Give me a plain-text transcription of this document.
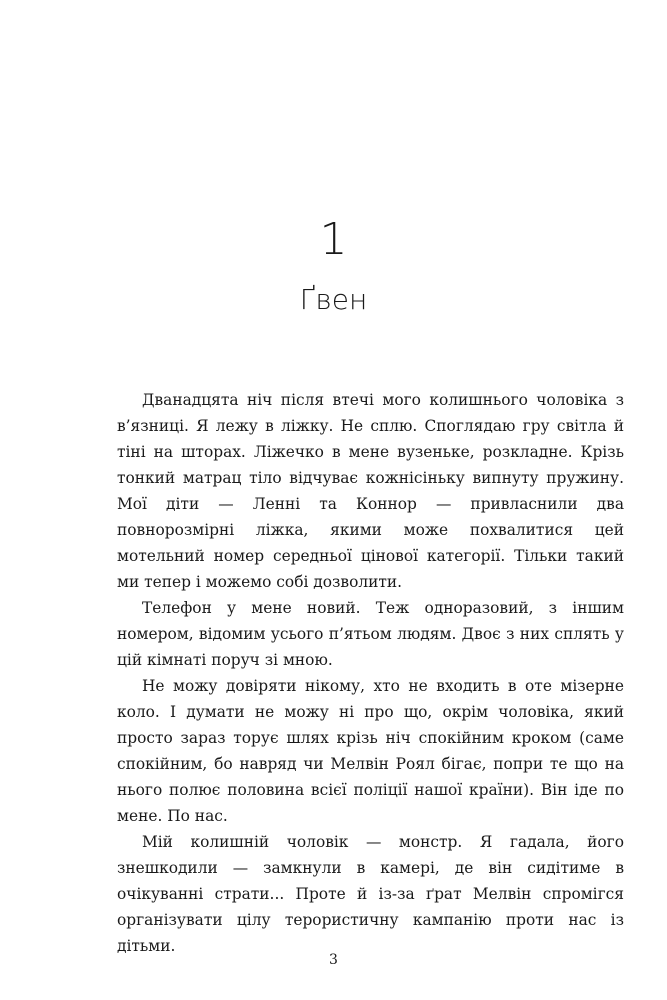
1
Ґвен

Дванадцята ніч після втечі мого колишнього чоловіка з в’язниці. Я лежу в ліжку. Не сплю. Споглядаю гру світла й тіні на шторах. Ліжечко в мене вузеньке, розкладне. Крізь тонкий матрац тіло відчуває кожнісіньку випнуту пружину. Мої діти — Ленні та Коннор — привласнили два повнорозмірні ліжка, якими може похвалитися цей мотельний номер середньої цінової категорії. Тільки такий ми тепер і можемо собі дозволити.

Телефон у мене новий. Теж одноразовий, з іншим номером, відомим усього п’ятьом людям. Двоє з них сплять у цій кімнаті поруч зі мною.

Не можу довіряти нікому, хто не входить в оте мізерне коло. І думати не можу ні про що, окрім чоловіка, який просто зараз торує шлях крізь ніч спокійним кроком (саме спокійним, бо навряд чи Мелвін Роял бігає, попри те що на нього полює половина всієї поліції нашої країни). Він іде по мене. По нас.

Мій колишній чоловік — монстр. Я гадала, його знешкодили — замкнули в камері, де він сидітиме в очікуванні страти... Проте й із-за ґрат Мелвін спромігся організувати цілу терористичну кампанію проти нас із дітьми.

3
